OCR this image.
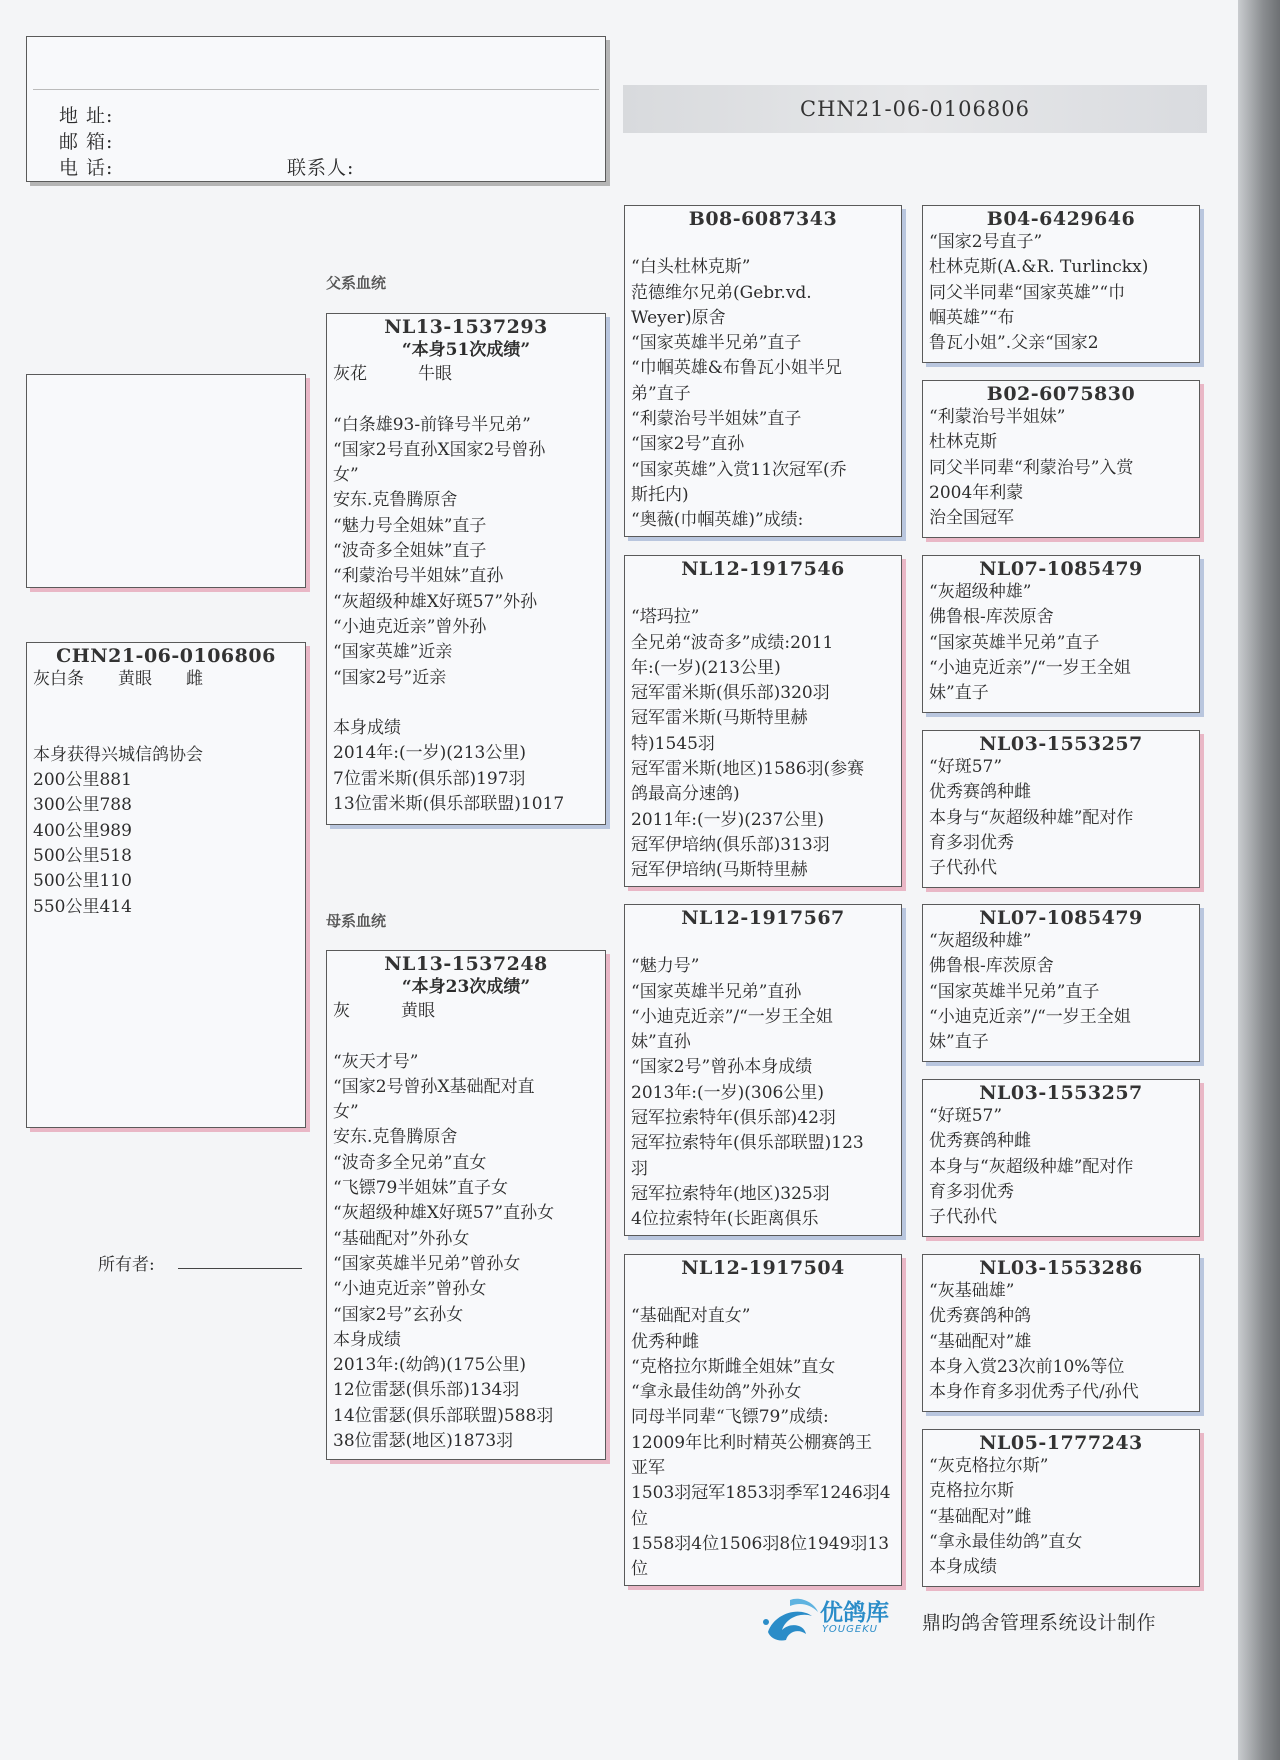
地 址:
邮 箱:
电 话:	联系人:
CHN21-06-0106806
父系血统
母系血统
CHN21-06-0106806
灰白条　　黄眼　　雌

本身获得兴城信鸽协会
200公里881
300公里788
400公里989
500公里518
500公里110
550公里414
所有者:
NL13-1537293
“本身51次成绩”
灰花　　　牛眼

“白条雄93-前锋号半兄弟”
“国家2号直孙X国家2号曾孙
女”
安东.克鲁腾原舍
“魅力号全姐妹”直子
“波奇多全姐妹”直子
“利蒙治号半姐妹”直孙
“灰超级种雄X好斑57”外孙
“小迪克近亲”曾外孙
“国家英雄”近亲
“国家2号”近亲

本身成绩
2014年:(一岁)(213公里)
7位雷米斯(俱乐部)197羽
13位雷米斯(俱乐部联盟)1017
NL13-1537248
“本身23次成绩”
灰　　　黄眼

“灰天才号”
“国家2号曾孙X基础配对直
女”
安东.克鲁腾原舍
“波奇多全兄弟”直女
“飞镖79半姐妹”直子女
“灰超级种雄X好斑57”直孙女
“基础配对”外孙女
“国家英雄半兄弟”曾孙女
“小迪克近亲”曾孙女
“国家2号”玄孙女
本身成绩
2013年:(幼鸽)(175公里)
12位雷瑟(俱乐部)134羽
14位雷瑟(俱乐部联盟)588羽
38位雷瑟(地区)1873羽
B08-6087343

“白头杜林克斯”
范德维尔兄弟(Gebr.vd.
Weyer)原舍
“国家英雄半兄弟”直子
“巾帼英雄&布鲁瓦小姐半兄
弟”直子
“利蒙治号半姐妹”直子
“国家2号”直孙
“国家英雄”入赏11次冠军(乔
斯托内)
“奥薇(巾帼英雄)”成绩:
NL12-1917546

“塔玛拉”
全兄弟“波奇多”成绩:2011
年:(一岁)(213公里)
冠军雷米斯(俱乐部)320羽
冠军雷米斯(马斯特里赫
特)1545羽
冠军雷米斯(地区)1586羽(参赛
鸽最高分速鸽)
2011年:(一岁)(237公里)
冠军伊培纳(俱乐部)313羽
冠军伊培纳(马斯特里赫
NL12-1917567

“魅力号”
“国家英雄半兄弟”直孙
“小迪克近亲”/“一岁王全姐
妹”直孙
“国家2号”曾孙本身成绩
2013年:(一岁)(306公里)
冠军拉索特年(俱乐部)42羽
冠军拉索特年(俱乐部联盟)123
羽
冠军拉索特年(地区)325羽
4位拉索特年(长距离俱乐
NL12-1917504

“基础配对直女”
优秀种雌
“克格拉尔斯雌全姐妹”直女
“拿永最佳幼鸽”外孙女
同母半同辈“飞镖79”成绩:
12009年比利时精英公棚赛鸽王
亚军
1503羽冠军1853羽季军1246羽4
位
1558羽4位1506羽8位1949羽13
位
B04-6429646
“国家2号直子”
杜林克斯(A.&R. Turlinckx)
同父半同辈“国家英雄”“巾
帼英雄”“布
鲁瓦小姐”.父亲“国家2
B02-6075830
“利蒙治号半姐妹”
杜林克斯
同父半同辈“利蒙治号”入赏
2004年利蒙
治全国冠军
NL07-1085479
“灰超级种雄”
佛鲁根-库茨原舍
“国家英雄半兄弟”直子
“小迪克近亲”/“一岁王全姐
妹”直子
NL03-1553257
“好斑57”
优秀赛鸽种雌
本身与“灰超级种雄”配对作
育多羽优秀
子代孙代
NL07-1085479
“灰超级种雄”
佛鲁根-库茨原舍
“国家英雄半兄弟”直子
“小迪克近亲”/“一岁王全姐
妹”直子
NL03-1553257
“好斑57”
优秀赛鸽种雌
本身与“灰超级种雄”配对作
育多羽优秀
子代孙代
NL03-1553286
“灰基础雄”
优秀赛鸽种鸽
“基础配对”雄
本身入赏23次前10%等位
本身作育多羽优秀子代/孙代
NL05-1777243
“灰克格拉尔斯”
克格拉尔斯
“基础配对”雌
“拿永最佳幼鸽”直女
本身成绩
优鸽库
YOUGEKU 鼎昀鸽舍管理系统设计制作
